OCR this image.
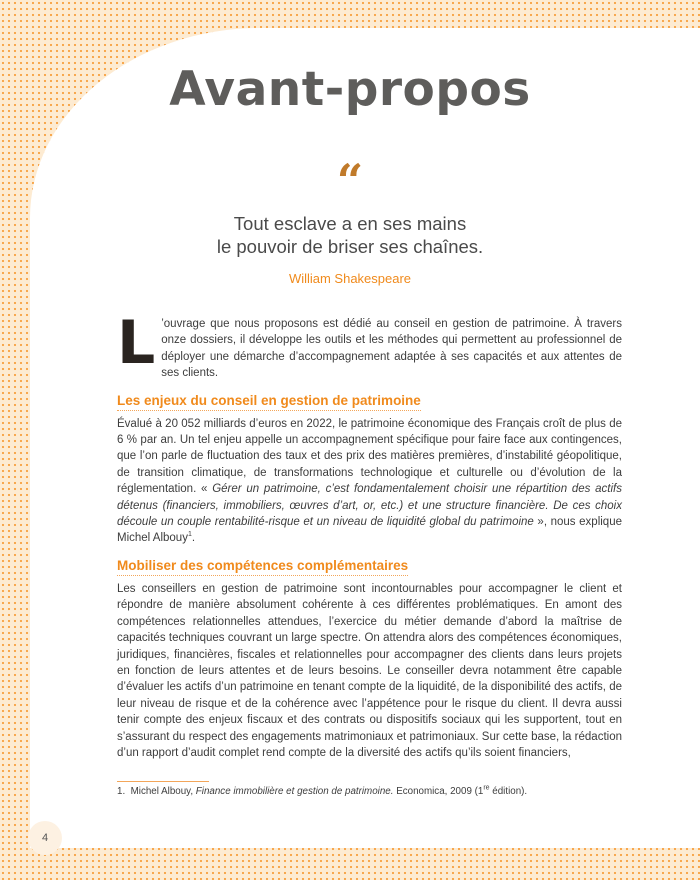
Avant-propos
“
Tout esclave a en ses mains
le pouvoir de briser ses chaînes.
William Shakespeare

L ’ouvrage que nous proposons est dédié au conseil en gestion de patrimoine. À travers onze dossiers, il développe les outils et les méthodes qui permettent au professionnel de déployer une démarche d’accompagnement adaptée à ses capacités et aux attentes de ses clients.

Les enjeux du conseil en gestion de patrimoine

Évalué à 20 052 milliards d’euros en 2022, le patrimoine économique des Français croît de plus de 6 % par an. Un tel enjeu appelle un accompagnement spécifique pour faire face aux contingences, que l’on parle de fluctuation des taux et des prix des matières premières, d’instabilité géopolitique, de transition climatique, de transformations technologique et culturelle ou d’évolution de la réglementation. « Gérer un patrimoine, c’est fondamentalement choisir une répartition des actifs détenus (financiers, immobiliers, œuvres d’art, or, etc.) et une structure financière. De ces choix découle un couple rentabilité-risque et un niveau de liquidité global du patrimoine », nous explique Michel Albouy$^1$.

Mobiliser des compétences complémentaires

Les conseillers en gestion de patrimoine sont incontournables pour accompagner le client et répondre de manière absolument cohérente à ces différentes problématiques. En amont des compétences relationnelles attendues, l’exercice du métier demande d’abord la maîtrise de capacités techniques couvrant un large spectre. On attendra alors des compétences économiques, juridiques, financières, fiscales et relationnelles pour accompagner des clients dans leurs projets en fonction de leurs attentes et de leurs besoins. Le conseiller devra notamment être capable d’évaluer les actifs d’un patrimoine en tenant compte de la liquidité, de la disponibilité des actifs, de leur niveau de risque et de la cohérence avec l’appétence pour le risque du client. Il devra aussi tenir compte des enjeux fiscaux et des contrats ou dispositifs sociaux qui les supportent, tout en s’assurant du respect des engagements matrimoniaux et patrimoniaux. Sur cette base, la rédaction d’un rapport d’audit complet rend compte de la diversité des actifs qu’ils soient financiers,

1. Michel Albouy, Finance immobilière et gestion de patrimoine. Economica, 2009 (1re édition).
4
